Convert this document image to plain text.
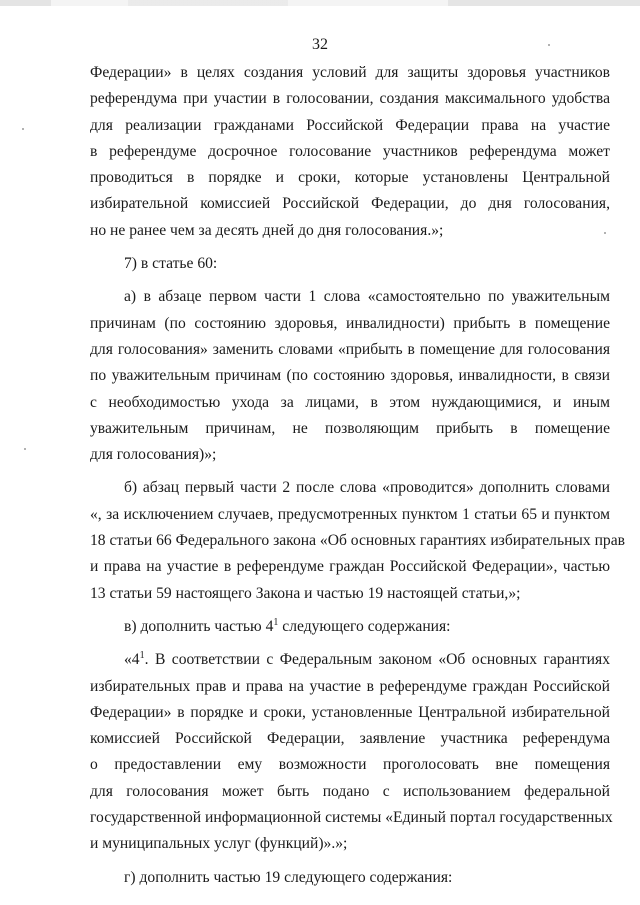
32
Федерации» в целях создания условий для защиты здоровья участников
референдума при участии в голосовании, создания максимального удобства
для реализации гражданами Российской Федерации права на участие
в референдуме досрочное голосование участников референдума может
проводиться в порядке и сроки, которые установлены Центральной
избирательной комиссией Российской Федерации, до дня голосования,
но не ранее чем за десять дней до дня голосования.»;
7) в статье 60:
а) в абзаце первом части 1 слова «самостоятельно по уважительным
причинам (по состоянию здоровья, инвалидности) прибыть в помещение
для голосования» заменить словами «прибыть в помещение для голосования
по уважительным причинам (по состоянию здоровья, инвалидности, в связи
с необходимостью ухода за лицами, в этом нуждающимися, и иным
уважительным причинам, не позволяющим прибыть в помещение
для голосования)»;
б) абзац первый части 2 после слова «проводится» дополнить словами
«, за исключением случаев, предусмотренных пунктом 1 статьи 65 и пунктом
18 статьи 66 Федерального закона «Об основных гарантиях избирательных прав
и права на участие в референдуме граждан Российской Федерации», частью
13 статьи 59 настоящего Закона и частью 19 настоящей статьи,»;
в) дополнить частью $4^1$ следующего содержания:
«$4^1$. В соответствии с Федеральным законом «Об основных гарантиях
избирательных прав и права на участие в референдуме граждан Российской
Федерации» в порядке и сроки, установленные Центральной избирательной
комиссией Российской Федерации, заявление участника референдума
о предоставлении ему возможности проголосовать вне помещения
для голосования может быть подано с использованием федеральной
государственной информационной системы «Единый портал государственных
и муниципальных услуг (функций)».»;
г) дополнить частью 19 следующего содержания:
